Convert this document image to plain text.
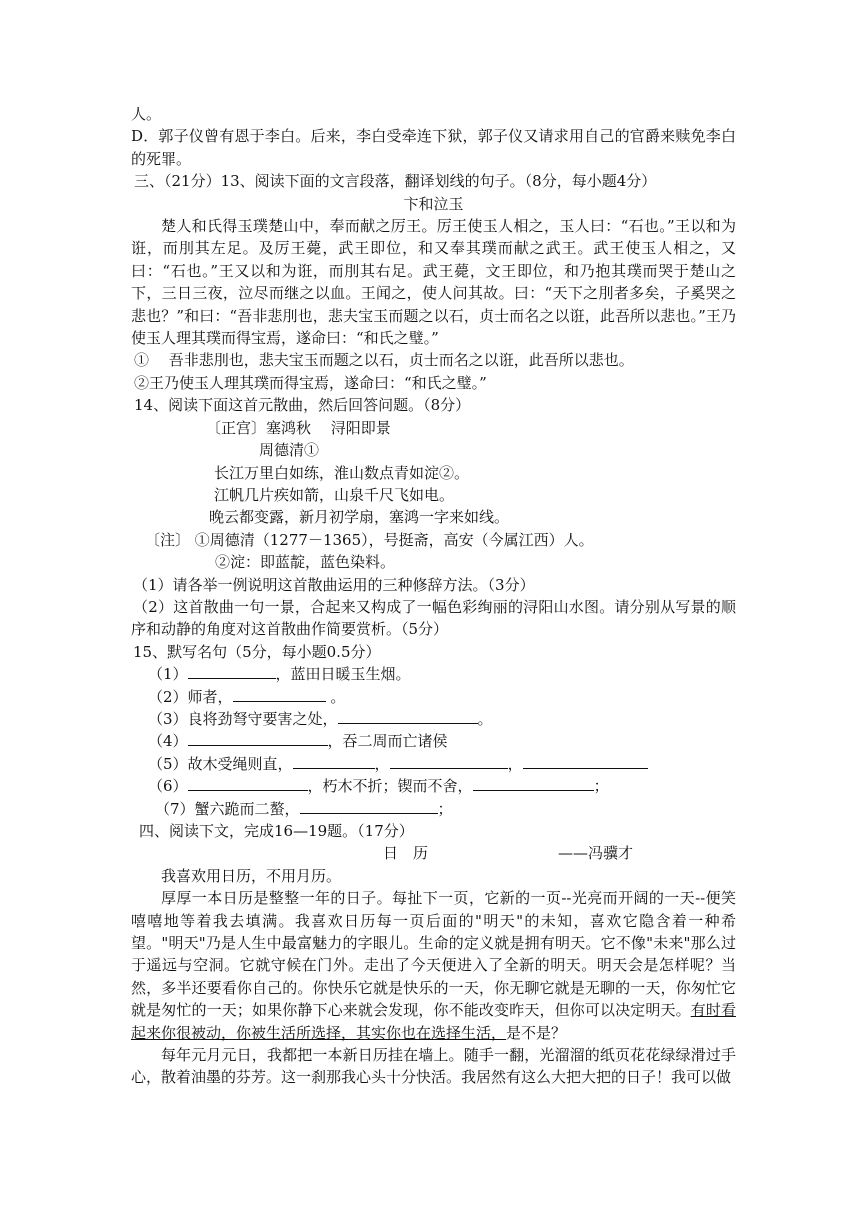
人。
D．郭子仪曾有恩于李白。后来，李白受牵连下狱，郭子仪又请求用自己的官爵来赎免李白的死罪。
三、（21分）13、阅读下面的文言段落，翻译划线的句子。（8分，每小题4分）
卞和泣玉
楚人和氏得玉璞楚山中，奉而献之厉王。厉王使玉人相之，玉人曰：“石也。”王以和为诳，而刖其左足。及厉王薨，武王即位，和又奉其璞而献之武王。武王使玉人相之，又曰：“石也。”王又以和为诳，而刖其右足。武王薨，文王即位，和乃抱其璞而哭于楚山之下，三日三夜，泣尽而继之以血。王闻之，使人问其故。曰：“天下之刖者多矣，子奚哭之悲也？”和曰：“吾非悲刖也，悲夫宝玉而题之以石，贞士而名之以诳，此吾所以悲也。”王乃使玉人理其璞而得宝焉，遂命曰：“和氏之璧。”
①　 吾非悲刖也，悲夫宝玉而题之以石，贞士而名之以诳，此吾所以悲也。
②王乃使玉人理其璞而得宝焉，遂命曰：“和氏之璧。”
14、阅读下面这首元散曲，然后回答问题。（8分）
〔正宫〕塞鸿秋　 浔阳即景
周德清①
长江万里白如练，淮山数点青如淀②。
江帆几片疾如箭，山泉千尺飞如电。
晚云都变露，新月初学扇，塞鸿一字来如线。
〔注〕 ①周德清（1277－1365），号挺斋，高安（今属江西）人。
②淀：即蓝靛，蓝色染料。
（1）请各举一例说明这首散曲运用的三种修辞方法。（3分）
（2）这首散曲一句一景，合起来又构成了一幅色彩绚丽的浔阳山水图。请分别从写景的顺序和动静的角度对这首散曲作简要赏析。（5分）
15、默写名句（5分，每小题0.5分）
（1）	，蓝田日暖玉生烟。
（2）师者，	。
（3）良将劲弩守要害之处，	。
（4）	，吞二周而亡诸侯
（5）故木受绳则直，	，	，
（6）	，朽木不折；锲而不舍，	；
（7）蟹六跪而二螯，	；
四、阅读下文，完成16—19题。（17分）
日　历	——冯骥才
我喜欢用日历，不用月历。
厚厚一本日历是整整一年的日子。每扯下一页，它新的一页--光亮而开阔的一天--便笑嘻嘻地等着我去填满。我喜欢日历每一页后面的"明天"的未知，喜欢它隐含着一种希望。"明天"乃是人生中最富魅力的字眼儿。生命的定义就是拥有明天。它不像"未来"那么过于遥远与空洞。它就守候在门外。走出了今天便进入了全新的明天。明天会是怎样呢？当然，多半还要看你自己的。你快乐它就是快乐的一天，你无聊它就是无聊的一天，你匆忙它就是匆忙的一天；如果你静下心来就会发现，你不能改变昨天，但你可以决定明天。有时看起来你很被动，你被生活所选择，其实你也在选择生活，是不是？
每年元月元日，我都把一本新日历挂在墙上。随手一翻，光溜溜的纸页花花绿绿滑过手心，散着油墨的芬芳。这一刹那我心头十分快活。我居然有这么大把大把的日子！我可以做
